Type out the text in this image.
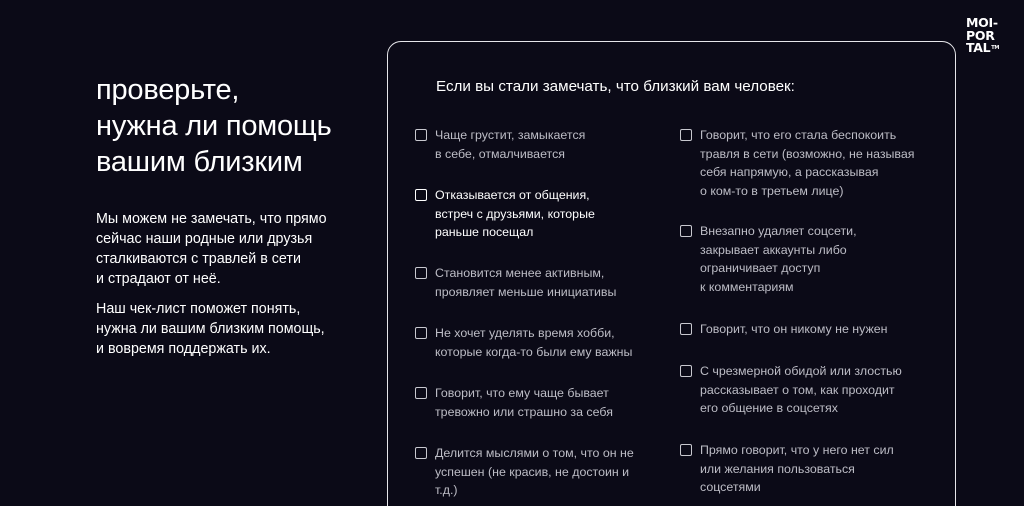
MOI-
POR
TAL™
проверьте,
нужна ли помощь
вашим близким

Мы можем не замечать, что прямо
сейчас наши родные или друзья
сталкиваются с травлей в сети
и страдают от неё.

Наш чек-лист поможет понять,
нужна ли вашим близким помощь,
и вовремя поддержать их.

Если вы стали замечать, что близкий вам человек:
Чаще грустит, замыкается
в себе, отмалчивается
Отказывается от общения,
встреч с друзьями, которые
раньше посещал
Становится менее активным,
проявляет меньше инициативы
Не хочет уделять время хобби,
которые когда-то были ему важны
Говорит, что ему чаще бывает
тревожно или страшно за себя
Делится мыслями о том, что он не
успешен (не красив, не достоин и
т.д.)
Говорит, что его стала беспокоить
травля в сети (возможно, не называя
себя напрямую, а рассказывая
о ком-то в третьем лице)
Внезапно удаляет соцсети,
закрывает аккаунты либо
ограничивает доступ
к комментариям
Говорит, что он никому не нужен
С чрезмерной обидой или злостью
рассказывает о том, как проходит
его общение в соцсетях
Прямо говорит, что у него нет сил
или желания пользоваться
соцсетями
